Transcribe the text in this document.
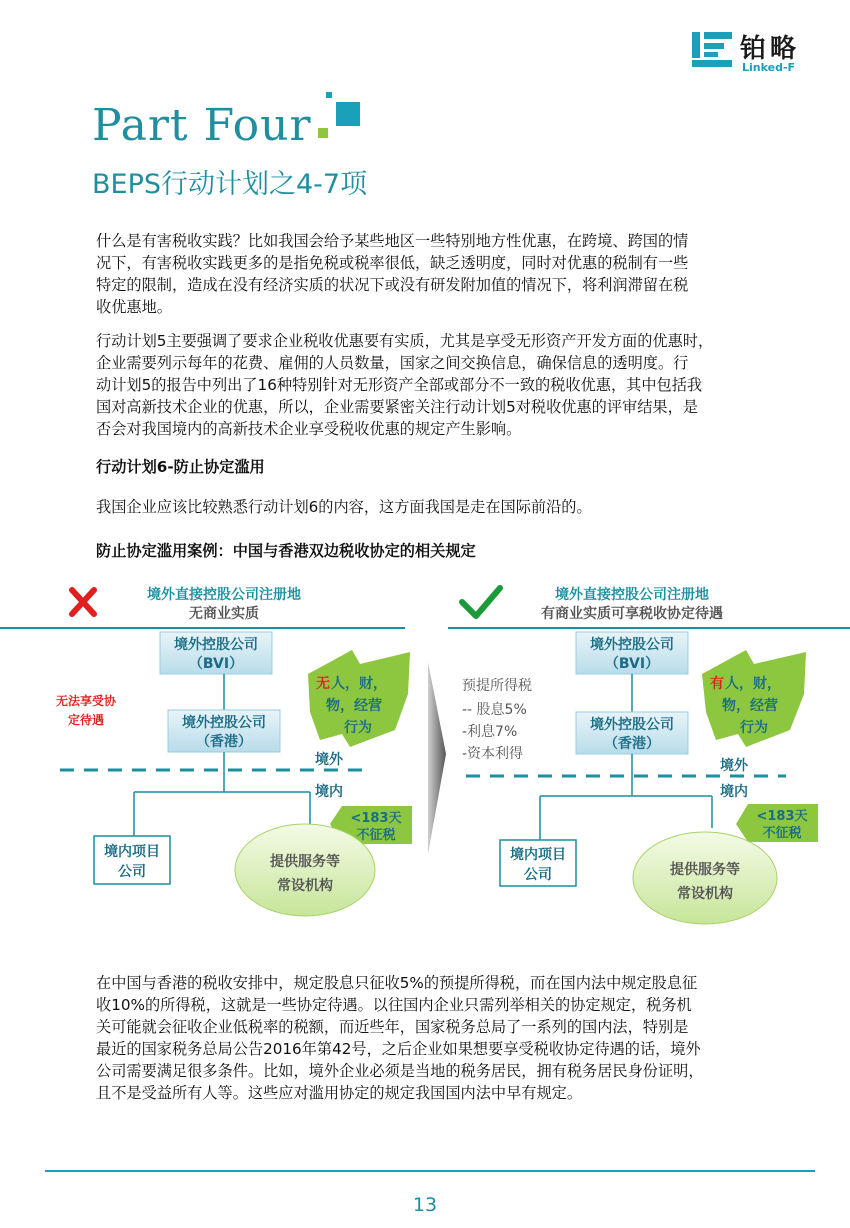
铂略
Linked-F
Part Four
BEPS行动计划之4-7项
什么是有害税收实践？比如我国会给予某些地区一些特别地方性优惠，在跨境、跨国的情
况下，有害税收实践更多的是指免税或税率很低，缺乏透明度，同时对优惠的税制有一些
特定的限制，造成在没有经济实质的状况下或没有研发附加值的情况下，将利润滞留在税
收优惠地。
行动计划5主要强调了要求企业税收优惠要有实质，尤其是享受无形资产开发方面的优惠时，
企业需要列示每年的花费、雇佣的人员数量，国家之间交换信息，确保信息的透明度。行
动计划5的报告中列出了16种特别针对无形资产全部或部分不一致的税收优惠，其中包括我
国对高新技术企业的优惠，所以，企业需要紧密关注行动计划5对税收优惠的评审结果，是
否会对我国境内的高新技术企业享受税收优惠的规定产生影响。
行动计划6-防止协定滥用
我国企业应该比较熟悉行动计划6的内容，这方面我国是走在国际前沿的。
防止协定滥用案例：中国与香港双边税收协定的相关规定
境外直接控股公司注册地
无商业实质
境外控股公司
（BVI）
境外控股公司
（香港）
无法享受协
定待遇
无 人，财，
物，经营
行为
境外
境内
<183天
不征税
境内项目
公司
提供服务等
常设机构
境外直接控股公司注册地
有商业实质可享税收协定待遇
境外控股公司
（BVI）
境外控股公司
（香港）
预提所得税
-- 股息5%
-利息7%
-资本利得
有 人，财，
物，经营
行为
境外
境内
<183天
不征税
境内项目
公司	提供服务等
常设机构
在中国与香港的税收安排中，规定股息只征收5%的预提所得税，而在国内法中规定股息征
收10%的所得税，这就是一些协定待遇。以往国内企业只需列举相关的协定规定，税务机
关可能就会征收企业低税率的税额，而近些年，国家税务总局了一系列的国内法，特别是
最近的国家税务总局公告2016年第42号，之后企业如果想要享受税收协定待遇的话，境外
公司需要满足很多条件。比如，境外企业必须是当地的税务居民，拥有税务居民身份证明，
且不是受益所有人等。这些应对滥用协定的规定我国国内法中早有规定。
13
